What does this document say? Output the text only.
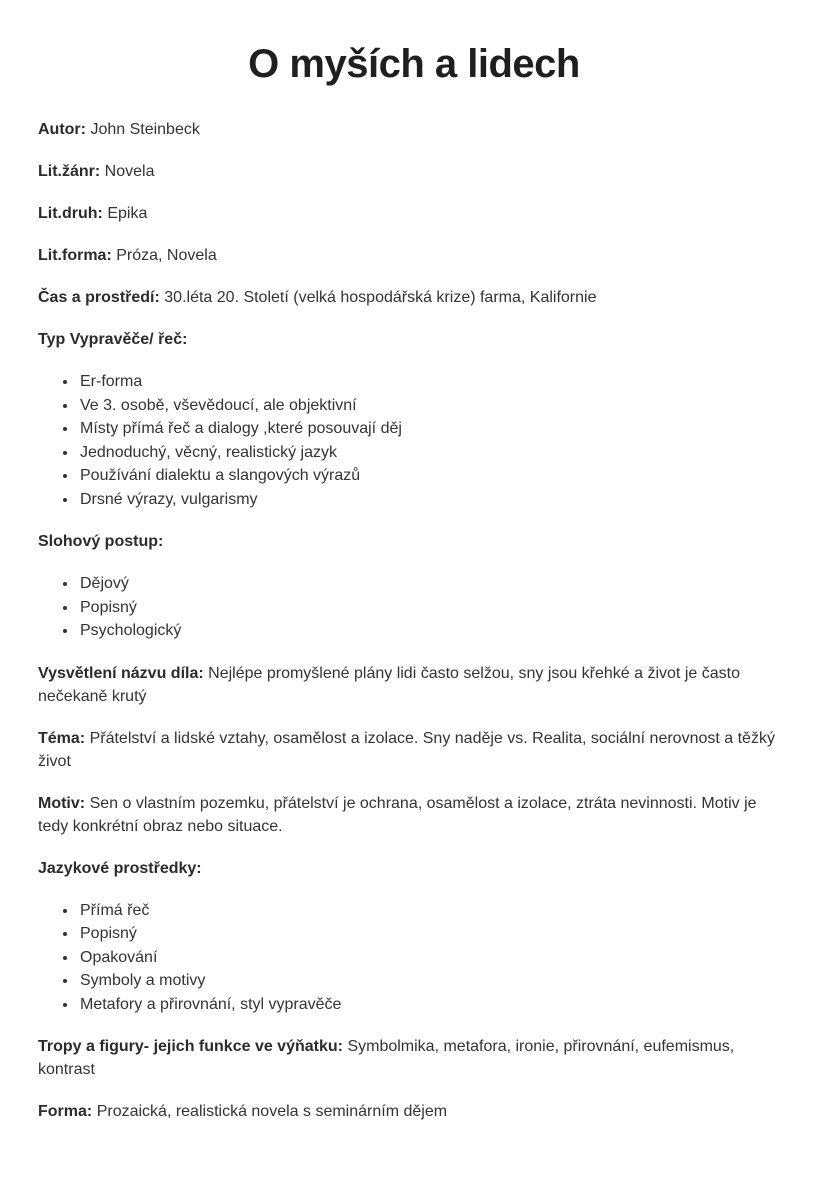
O myších a lidech

Autor: John Steinbeck

Lit.žánr: Novela

Lit.druh: Epika

Lit.forma: Próza, Novela

Čas a prostředí: 30.léta 20. Století (velká hospodářská krize) farma, Kalifornie

Typ Vypravěče/ řeč:

• Er-forma
• Ve 3. osobě, vševědoucí, ale objektivní
• Místy přímá řeč a dialogy ,které posouvají děj
• Jednoduchý, věcný, realistický jazyk
• Používání dialektu a slangových výrazů
• Drsné výrazy, vulgarismy

Slohový postup:

• Dějový
• Popisný
• Psychologický

Vysvětlení názvu díla: Nejlépe promyšlené plány lidi často selžou, sny jsou křehké a život je často nečekaně krutý

Téma: Přátelství a lidské vztahy, osamělost a izolace. Sny naděje vs. Realita, sociální nerovnost a těžký život

Motiv: Sen o vlastním pozemku, přátelství je ochrana, osamělost a izolace, ztráta nevinnosti. Motiv je tedy konkrétní obraz nebo situace.

Jazykové prostředky:

• Přímá řeč
• Popisný
• Opakování
• Symboly a motivy
• Metafory a přirovnání, styl vypravěče

Tropy a figury- jejich funkce ve výňatku: Symbolmika, metafora, ironie, přirovnání, eufemismus, kontrast

Forma: Prozaická, realistická novela s seminárním dějem
